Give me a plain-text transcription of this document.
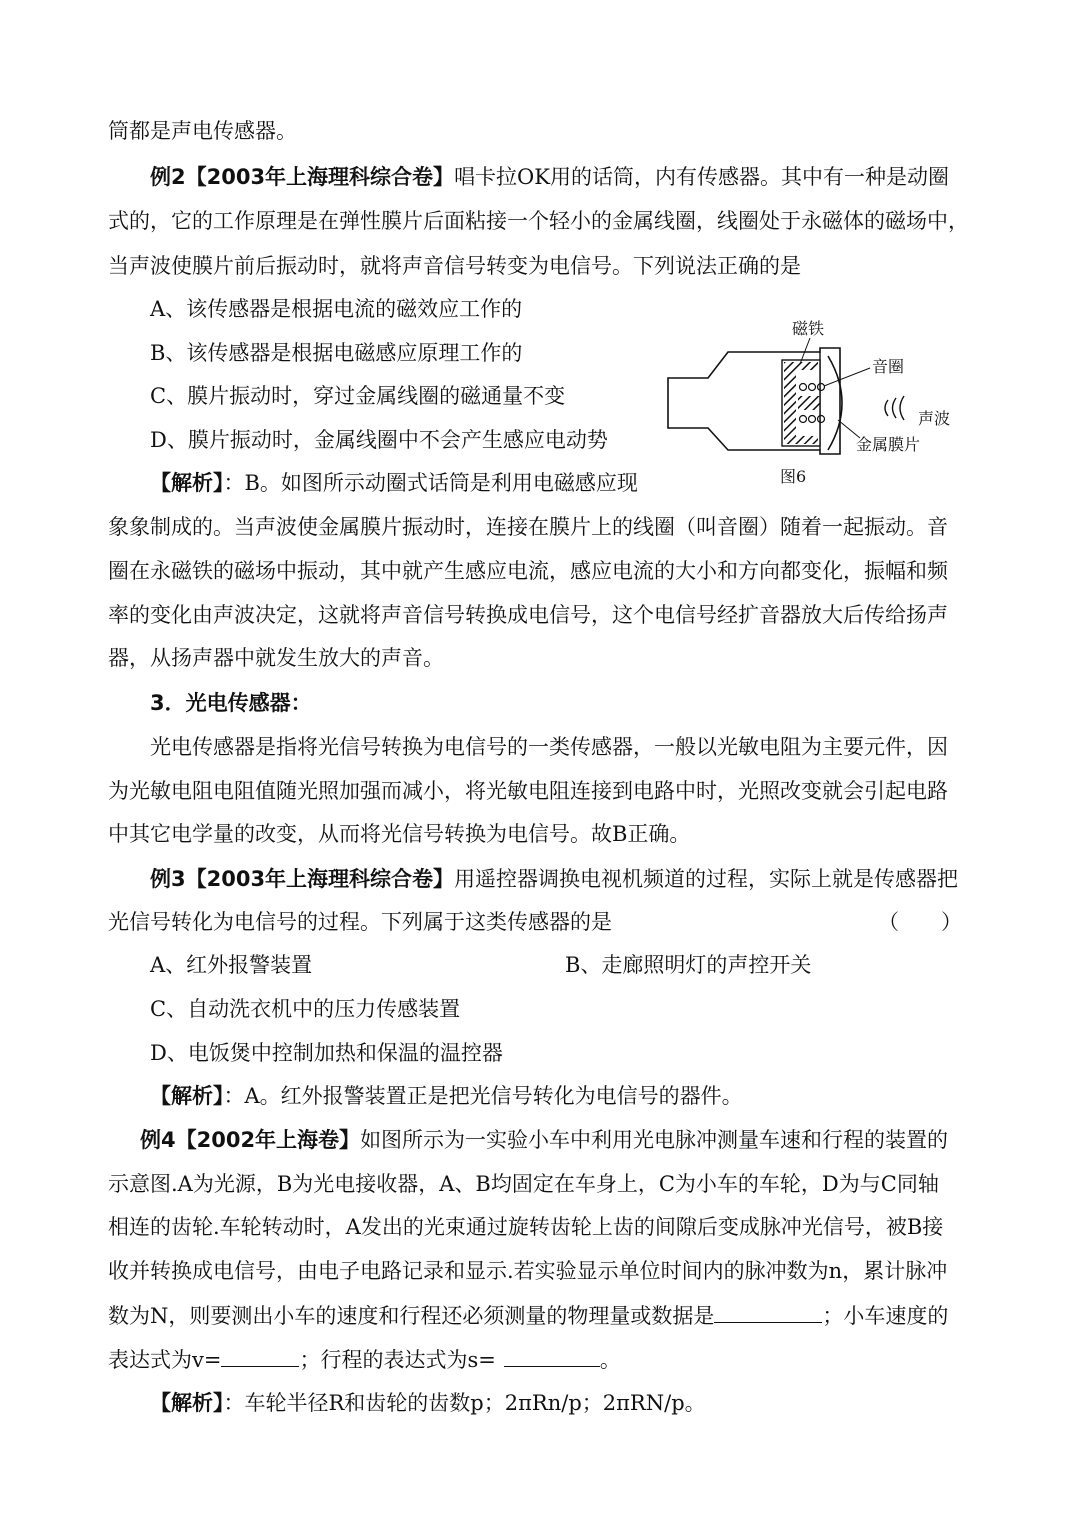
筒都是声电传感器。
例2【2003年上海理科综合卷】唱卡拉OK用的话筒，内有传感器。其中有一种是动圈
式的，它的工作原理是在弹性膜片后面粘接一个轻小的金属线圈，线圈处于永磁体的磁场中，
当声波使膜片前后振动时，就将声音信号转变为电信号。下列说法正确的是
A、该传感器是根据电流的磁效应工作的
B、该传感器是根据电磁感应原理工作的
C、膜片振动时，穿过金属线圈的磁通量不变
D、膜片振动时，金属线圈中不会产生感应电动势
【解析】：B。如图所示动圈式话筒是利用电磁感应现
象象制成的。当声波使金属膜片振动时，连接在膜片上的线圈（叫音圈）随着一起振动。音
圈在永磁铁的磁场中振动，其中就产生感应电流，感应电流的大小和方向都变化，振幅和频
率的变化由声波决定，这就将声音信号转换成电信号，这个电信号经扩音器放大后传给扬声
器，从扬声器中就发生放大的声音。
磁铁
音圈
声波
金属膜片
图6
3．光电传感器：
光电传感器是指将光信号转换为电信号的一类传感器，一般以光敏电阻为主要元件，因
为光敏电阻电阻值随光照加强而减小，将光敏电阻连接到电路中时，光照改变就会引起电路
中其它电学量的改变，从而将光信号转换为电信号。故B正确。
例3【2003年上海理科综合卷】用遥控器调换电视机频道的过程，实际上就是传感器把
光信号转化为电信号的过程。下列属于这类传感器的是	（　　）
A、红外报警装置	B、走廊照明灯的声控开关
C、自动洗衣机中的压力传感装置
D、电饭煲中控制加热和保温的温控器
【解析】：A。红外报警装置正是把光信号转化为电信号的器件。
例4【2002年上海卷】如图所示为一实验小车中利用光电脉冲测量车速和行程的装置的
示意图.A为光源，B为光电接收器，A、B均固定在车身上，C为小车的车轮，D为与C同轴
相连的齿轮.车轮转动时，A发出的光束通过旋转齿轮上齿的间隙后变成脉冲光信号，被B接
收并转换成电信号，由电子电路记录和显示.若实验显示单位时间内的脉冲数为n，累计脉冲
数为N，则要测出小车的速度和行程还必须测量的物理量或数据是	；小车速度的
表达式为v=	；行程的表达式为s=	。
【解析】：车轮半径R和齿轮的齿数p；2πRn/p；2πRN/p。
